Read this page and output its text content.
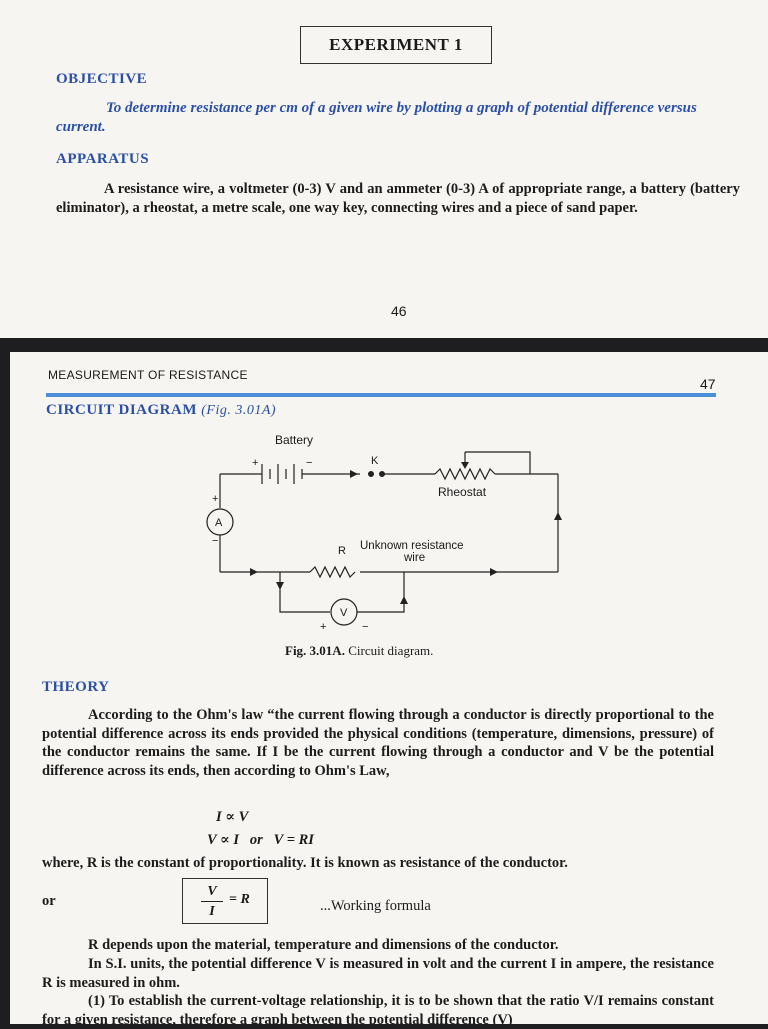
EXPERIMENT 1
OBJECTIVE

To determine resistance per cm of a given wire by plotting a graph of potential difference versus current.

APPARATUS

A resistance wire, a voltmeter (0-3) V and an ammeter (0-3) A of appropriate range, a battery (battery eliminator), a rheostat, a metre scale, one way key, connecting wires and a piece of sand paper.

46
MEASUREMENT OF RESISTANCE
47
CIRCUIT DIAGRAM (Fig. 3.01A)
Battery
+	−	K
Rheostat
A
+
−
R Unknown resistance
wire
V
+	−
Fig. 3.01A. Circuit diagram.
THEORY

According to the Ohm's law “the current flowing through a conductor is directly proportional to the potential difference across its ends provided the physical conditions (temperature, dimensions, pressure) of the conductor remains the same. If I be the current flowing through a conductor and V be the potential difference across its ends, then according to Ohm's Law,

I ∝ V
V ∝ I   or   V = RI

where, R is the constant of proportionality. It is known as resistance of the conductor.

or
V
I
= R	...Working formula

R depends upon the material, temperature and dimensions of the conductor.

In S.I. units, the potential difference V is measured in volt and the current I in ampere, the resistance R is measured in ohm.

(1) To establish the current-voltage relationship, it is to be shown that the ratio V/I remains constant for a given resistance, therefore a graph between the potential difference (V)
